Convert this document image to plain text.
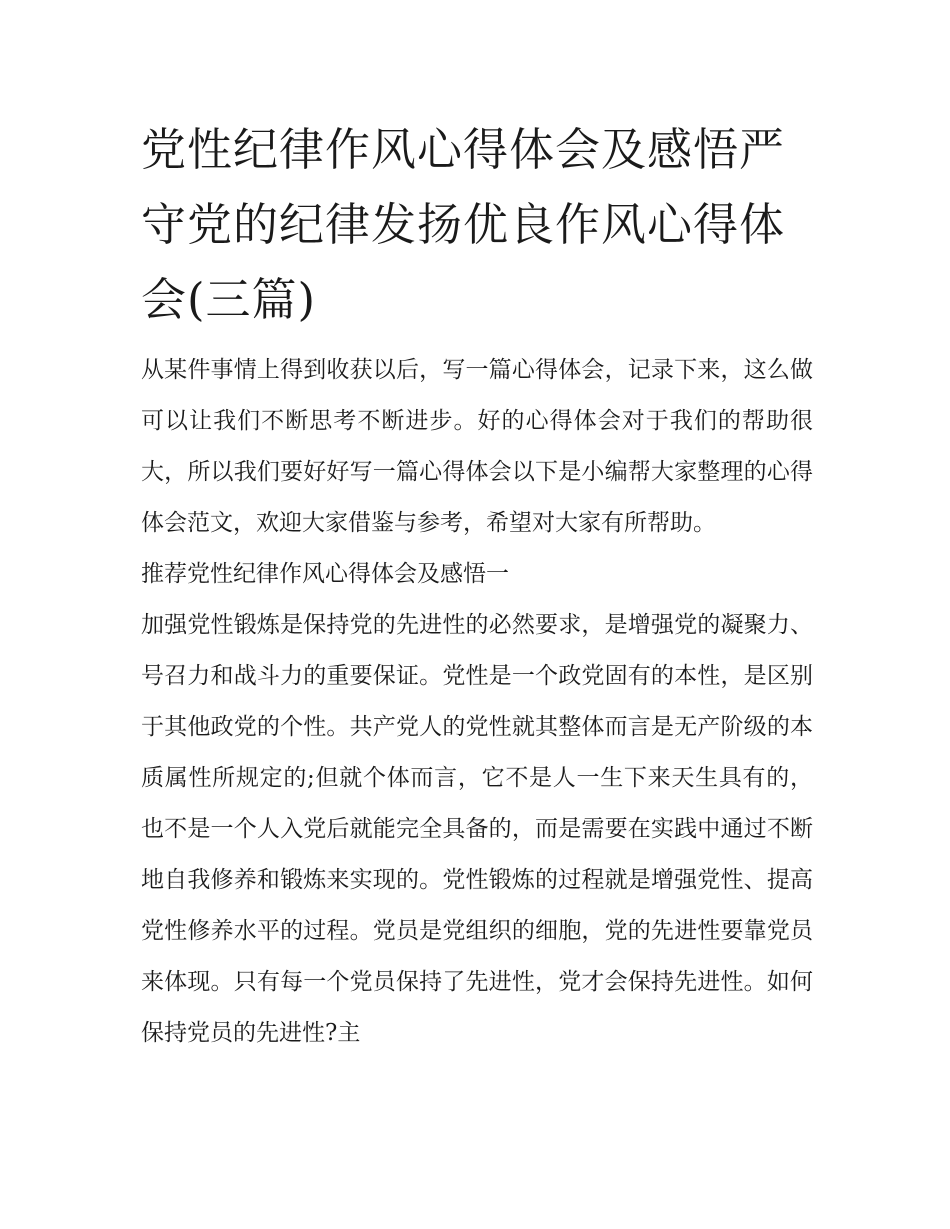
党性纪律作风心得体会及感悟严守党的纪律发扬优良作风心得体会(三篇)

从某件事情上得到收获以后，写一篇心得体会，记录下来，这么做可以让我们不断思考不断进步。好的心得体会对于我们的帮助很大，所以我们要好好写一篇心得体会以下是小编帮大家整理的心得体会范文，欢迎大家借鉴与参考，希望对大家有所帮助。

推荐党性纪律作风心得体会及感悟一

加强党性锻炼是保持党的先进性的必然要求，是增强党的凝聚力、号召力和战斗力的重要保证。党性是一个政党固有的本性，是区别于其他政党的个性。共产党人的党性就其整体而言是无产阶级的本质属性所规定的;但就个体而言，它不是人一生下来天生具有的，也不是一个人入党后就能完全具备的，而是需要在实践中通过不断地自我修养和锻炼来实现的。党性锻炼的过程就是增强党性、提高党性修养水平的过程。党员是党组织的细胞，党的先进性要靠党员来体现。只有每一个党员保持了先进性，党才会保持先进性。如何保持党员的先进性?主
